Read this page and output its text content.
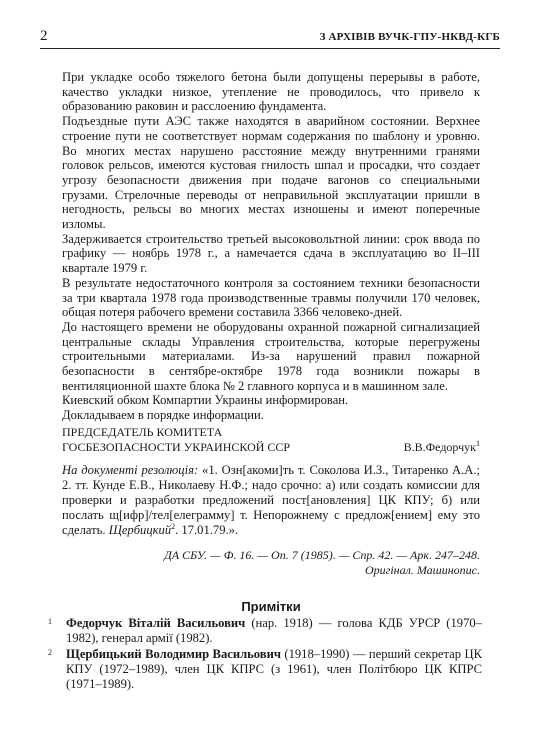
2	З АРХІВІВ ВУЧК-ГПУ-НКВД-КГБ

При укладке особо тяжелого бетона были допущены перерывы в работе, качество укладки низкое, утепление не проводилось, что привело к образованию раковин и расслоению фундамента.

Подъездные пути АЭС также находятся в аварийном состоянии. Верхнее строение пути не соответствует нормам содержания по шаблону и уровню. Во многих местах нарушено расстояние между внутренними гранями головок рельсов, имеются кустовая гнилость шпал и просадки, что создает угрозу безопасности движения при подаче вагонов со специальными грузами. Стрелочные переводы от неправильной эксплуатации пришли в негодность, рельсы во многих местах изношены и имеют поперечные изломы.

Задерживается строительство третьей высоковольтной линии: срок ввода по графику — ноябрь 1978 г., а намечается сдача в эксплуатацию во II–III квартале 1979 г.

В результате недостаточного контроля за состоянием техники безопасности за три квартала 1978 года производственные травмы получили 170 человек, общая потеря рабочего времени составила 3366 человеко-дней.

До настоящего времени не оборудованы охранной пожарной сигнализацией центральные склады Управления строительства, которые перегружены строительными материалами. Из-за нарушений правил пожарной безопасности в сентябре-октябре 1978 года возникли пожары в вентиляционной шахте блока № 2 главного корпуса и в машинном зале.

Киевский обком Компартии Украины информирован.

Докладываем в порядке информации.

ПРЕДСЕДАТЕЛЬ КОМИТЕТА
ГОСБЕЗОПАСНОСТИ УКРАИНСКОЙ ССР	В.В.Федорчук$^1$
На документі резолюція: «1. Озн[акоми]ть т. Соколова И.З., Титаренко А.А.; 2. тт. Кунде Е.В., Николаеву Н.Ф.; надо срочно: а) или создать комиссии для проверки и разработки предложений пост[ановления] ЦК КПУ; б) или послать щ[ифр]/тел[елеграмму] т. Непорожнему с предлож[ением] ему это сделать. Щербицкий$^2$. 17.01.79.».
ДА СБУ. — Ф. 16. — Оп. 7 (1985). — Спр. 42. — Арк. 247–248.
Оригінал. Машинопис.
Примітки

1 Федорчук Віталій Васильович (нар. 1918) — голова КДБ УРСР (1970–1982), генерал армії (1982).

2 Щербицький Володимир Васильович (1918–1990) — перший секретар ЦК КПУ (1972–1989), член ЦК КПРС (з 1961), член Політбюро ЦК КПРС (1971–1989).
